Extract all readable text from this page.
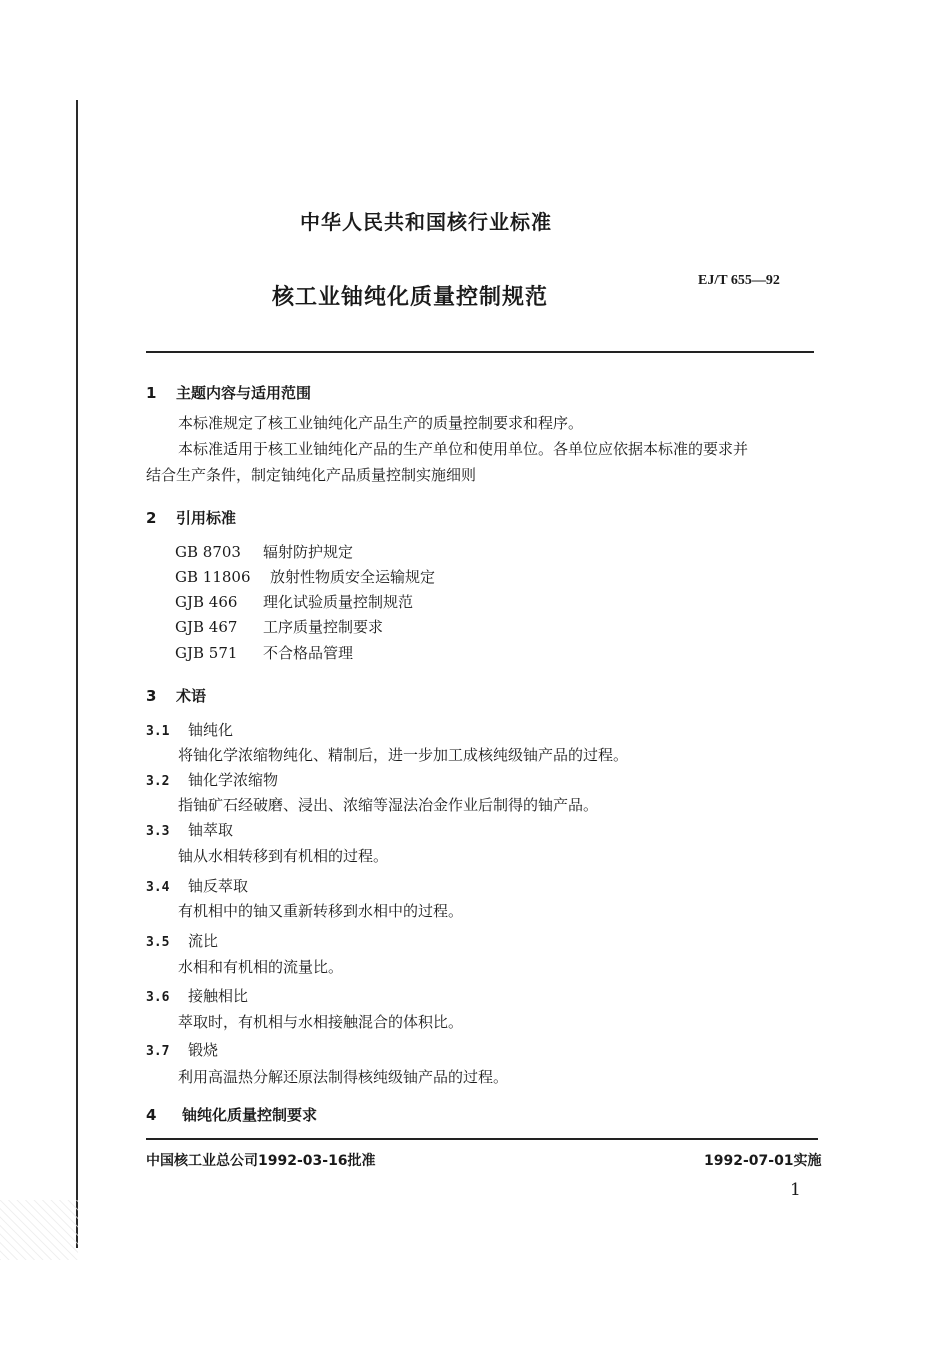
中华人民共和国核行业标准
核工业铀纯化质量控制规范
EJ/T 655—92
1 主题内容与适用范围
本标准规定了核工业铀纯化产品生产的质量控制要求和程序。
本标准适用于核工业铀纯化产品的生产单位和使用单位。各单位应依据本标准的要求并
结合生产条件，制定铀纯化产品质量控制实施细则
2 引用标准
GB 8703 辐射防护规定
GB 11806 放射性物质安全运输规定
GJB 466 理化试验质量控制规范
GJB 467 工序质量控制要求
GJB 571 不合格品管理
3 术语
3.1 铀纯化
将铀化学浓缩物纯化、精制后，进一步加工成核纯级铀产品的过程。
3.2 铀化学浓缩物
指铀矿石经破磨、浸出、浓缩等湿法冶金作业后制得的铀产品。
3.3 铀萃取
铀从水相转移到有机相的过程。
3.4 铀反萃取
有机相中的铀又重新转移到水相中的过程。
3.5 流比
水相和有机相的流量比。
3.6 接触相比
萃取时，有机相与水相接触混合的体积比。
3.7 锻烧
利用高温热分解还原法制得核纯级铀产品的过程。
4 铀纯化质量控制要求
中国核工业总公司1992-03-16批准	1992-07-01实施
1
